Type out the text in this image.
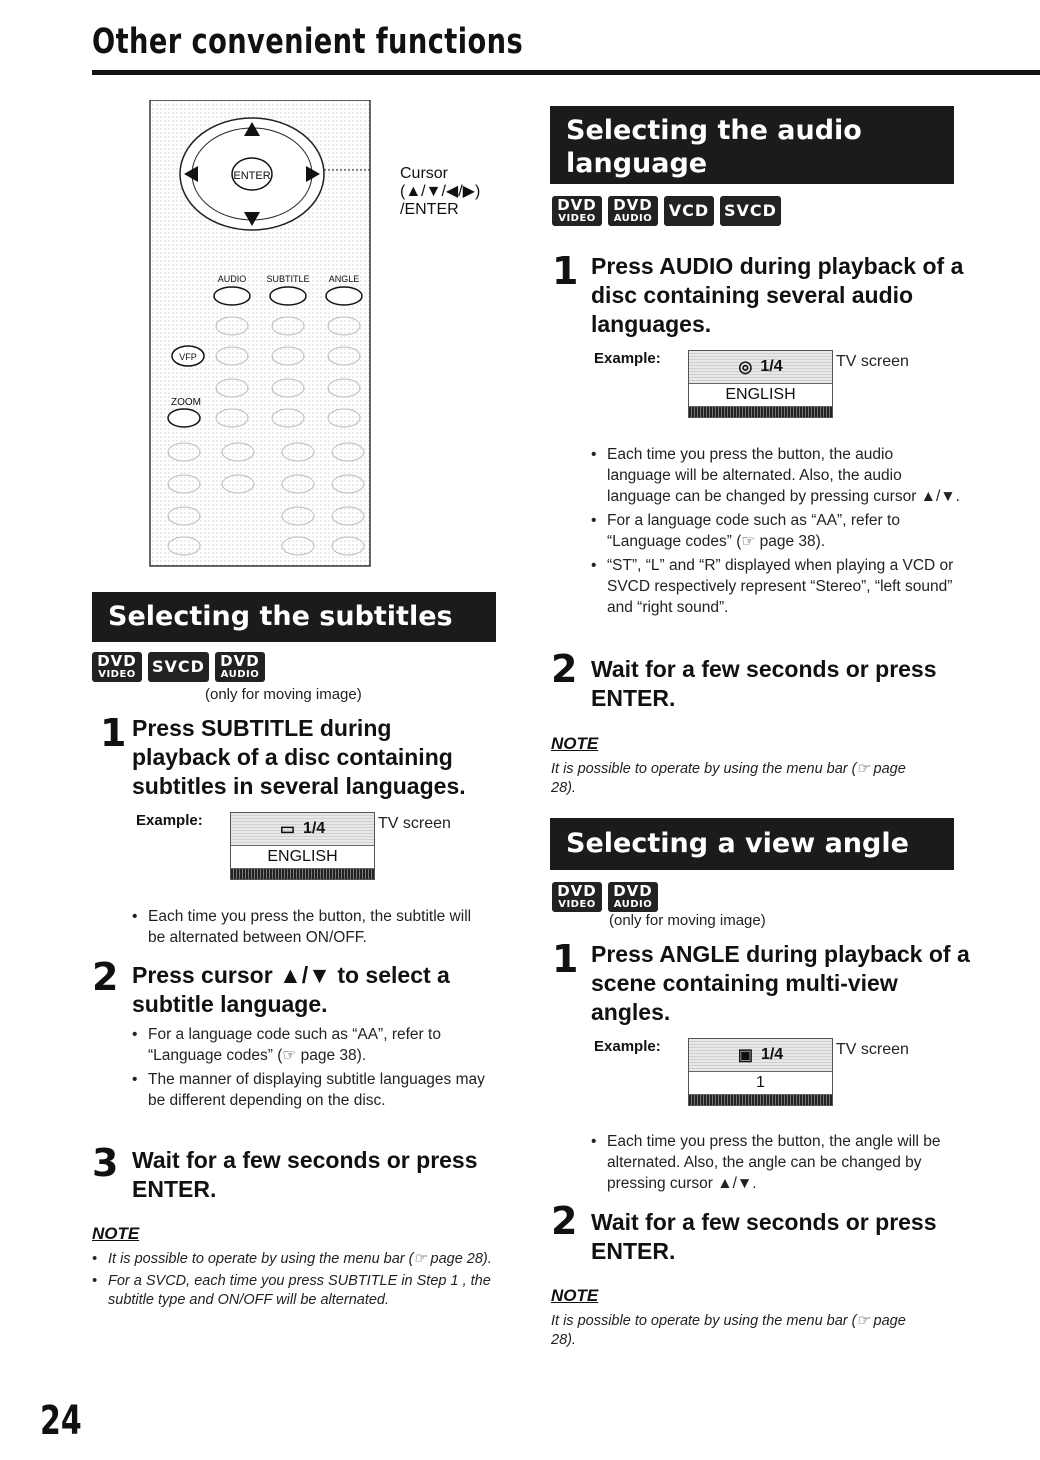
Other convenient functions
ENTER
AUDIO SUBTITLE ANGLE
VFP
ZOOM
Cursor
(▲/▼/◀/▶)
/ENTER
Selecting the subtitles
DVD
VIDEO SVCD DVD
AUDIO
(only for moving image)
1 Press SUBTITLE during playback of a disc containing subtitles in several languages.
Example:
▭ 1/4
ENGLISH
TV screen
• Each time you press the button, the subtitle will be alternated between ON/OFF.
2 Press cursor ▲/▼ to select a subtitle language.
• For a language code such as “AA”, refer to “Language codes” (☞ page 38).
• The manner of displaying subtitle languages may be different depending on the disc.
3 Wait for a few seconds or press ENTER.
NOTE
• It is possible to operate by using the menu bar (☞ page 28).
• For a SVCD, each time you press SUBTITLE in Step 1 , the subtitle type and ON/OFF will be alternated.
Selecting the audio
language
DVD
VIDEO
DVD
AUDIO VCD SVCD
1 Press AUDIO during playback of a disc containing several audio languages.
Example:
◎ 1/4
ENGLISH
TV screen
• Each time you press the button, the audio language will be alternated. Also, the audio language can be changed by pressing cursor ▲/▼.
• For a language code such as “AA”, refer to “Language codes” (☞ page 38).
• “ST”, “L” and “R” displayed when playing a VCD or SVCD respectively represent “Stereo”, “left sound” and “right sound”.
2 Wait for a few seconds or press ENTER.
NOTE
It is possible to operate by using the menu bar (☞ page 28).
Selecting a view angle
DVD
VIDEO
DVD
AUDIO
(only for moving image)
1 Press ANGLE during playback of a scene containing multi-view angles.
Example:
▣ 1/4
1
TV screen
• Each time you press the button, the angle will be alternated. Also, the angle can be changed by pressing cursor ▲/▼.
2 Wait for a few seconds or press ENTER.
NOTE
It is possible to operate by using the menu bar (☞ page 28).
24
